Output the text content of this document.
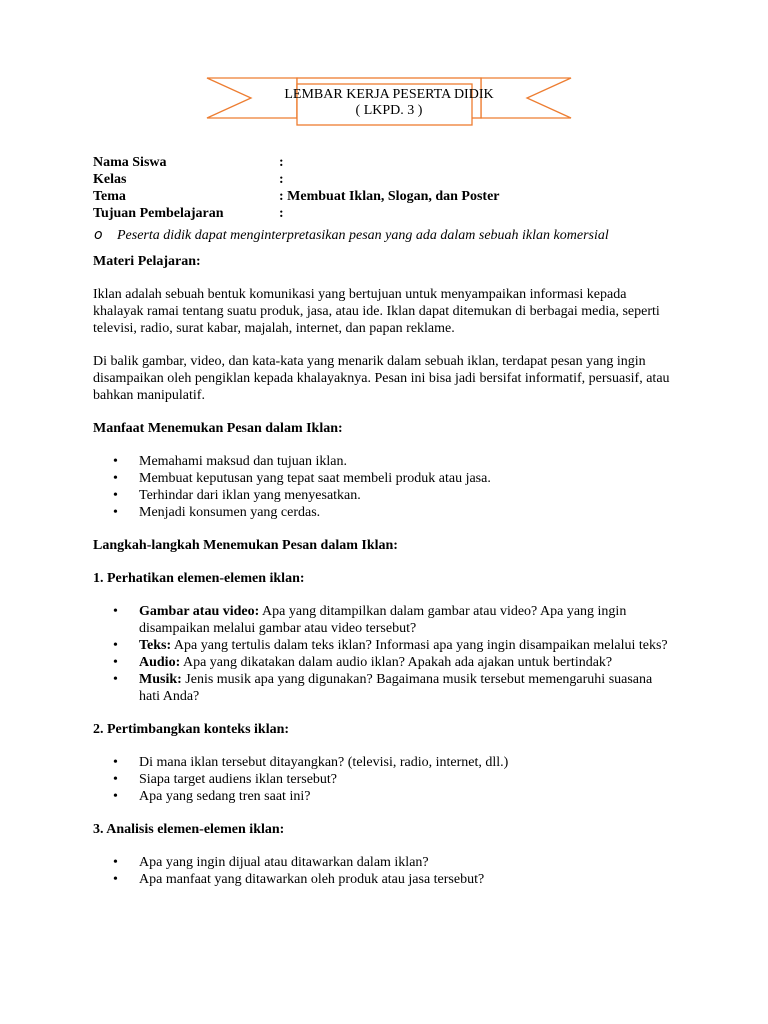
LEMBAR KERJA PESERTA DIDIK
( LKPD. 3 )
Nama Siswa	:
Kelas	:
Tema	: Membuat Iklan, Slogan, dan Poster
Tujuan Pembelajaran	:
o Peserta didik dapat menginterpretasikan pesan yang ada dalam sebuah iklan komersial
Materi Pelajaran:

Iklan adalah sebuah bentuk komunikasi yang bertujuan untuk menyampaikan informasi kepada khalayak ramai tentang suatu produk, jasa, atau ide. Iklan dapat ditemukan di berbagai media, seperti televisi, radio, surat kabar, majalah, internet, dan papan reklame.

Di balik gambar, video, dan kata-kata yang menarik dalam sebuah iklan, terdapat pesan yang ingin disampaikan oleh pengiklan kepada khalayaknya. Pesan ini bisa jadi bersifat informatif, persuasif, atau bahkan manipulatif.

Manfaat Menemukan Pesan dalam Iklan:
• Memahami maksud dan tujuan iklan.
• Membuat keputusan yang tepat saat membeli produk atau jasa.
• Terhindar dari iklan yang menyesatkan.
• Menjadi konsumen yang cerdas.
Langkah-langkah Menemukan Pesan dalam Iklan:
1. Perhatikan elemen-elemen iklan:
• Gambar atau video: Apa yang ditampilkan dalam gambar atau video? Apa yang ingin disampaikan melalui gambar atau video tersebut?
• Teks: Apa yang tertulis dalam teks iklan? Informasi apa yang ingin disampaikan melalui teks?
• Audio: Apa yang dikatakan dalam audio iklan? Apakah ada ajakan untuk bertindak?
• Musik: Jenis musik apa yang digunakan? Bagaimana musik tersebut memengaruhi suasana hati Anda?
2. Pertimbangkan konteks iklan:
• Di mana iklan tersebut ditayangkan? (televisi, radio, internet, dll.)
• Siapa target audiens iklan tersebut?
• Apa yang sedang tren saat ini?
3. Analisis elemen-elemen iklan:
• Apa yang ingin dijual atau ditawarkan dalam iklan?
• Apa manfaat yang ditawarkan oleh produk atau jasa tersebut?
